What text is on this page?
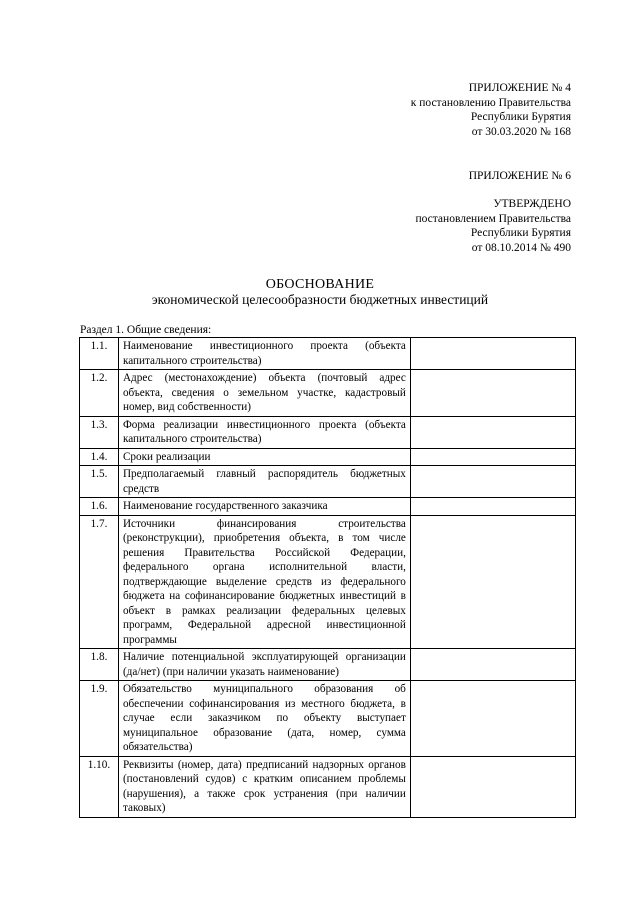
ПРИЛОЖЕНИЕ № 4
к постановлению Правительства
Республики Бурятия
от 30.03.2020 № 168
ПРИЛОЖЕНИЕ № 6
УТВЕРЖДЕНО
постановлением Правительства
Республики Бурятия
от 08.10.2014 № 490
ОБОСНОВАНИЕ
экономической целесообразности бюджетных инвестиций
Раздел 1. Общие сведения:
1.1.	Наименование инвестиционного проекта (объекта капитального строительства)	
1.2.	Адрес (местонахождение) объекта (почтовый адрес объекта, сведения о земельном участке, кадастровый номер, вид собственности)	
1.3.	Форма реализации инвестиционного проекта (объекта капитального строительства)	
1.4.	Сроки реализации	
1.5.	Предполагаемый главный распорядитель бюджетных средств	
1.6.	Наименование государственного заказчика	
1.7.	Источники финансирования строительства (реконструкции), приобретения объекта, в том числе решения Правительства Российской Федерации, федерального органа исполнительной власти, подтверждающие выделение средств из федерального бюджета на софинансирование бюджетных инвестиций в объект в рамках реализации федеральных целевых программ, Федеральной адресной инвестиционной программы	
1.8.	Наличие потенциальной эксплуатирующей организации (да/нет) (при наличии указать наименование)	
1.9.	Обязательство муниципального образования об обеспечении софинансирования из местного бюджета, в случае если заказчиком по объекту выступает муниципальное образование (дата, номер, сумма обязательства)	
1.10.	Реквизиты (номер, дата) предписаний надзорных органов (постановлений судов) с кратким описанием проблемы (нарушения), а также срок устранения (при наличии таковых)	
